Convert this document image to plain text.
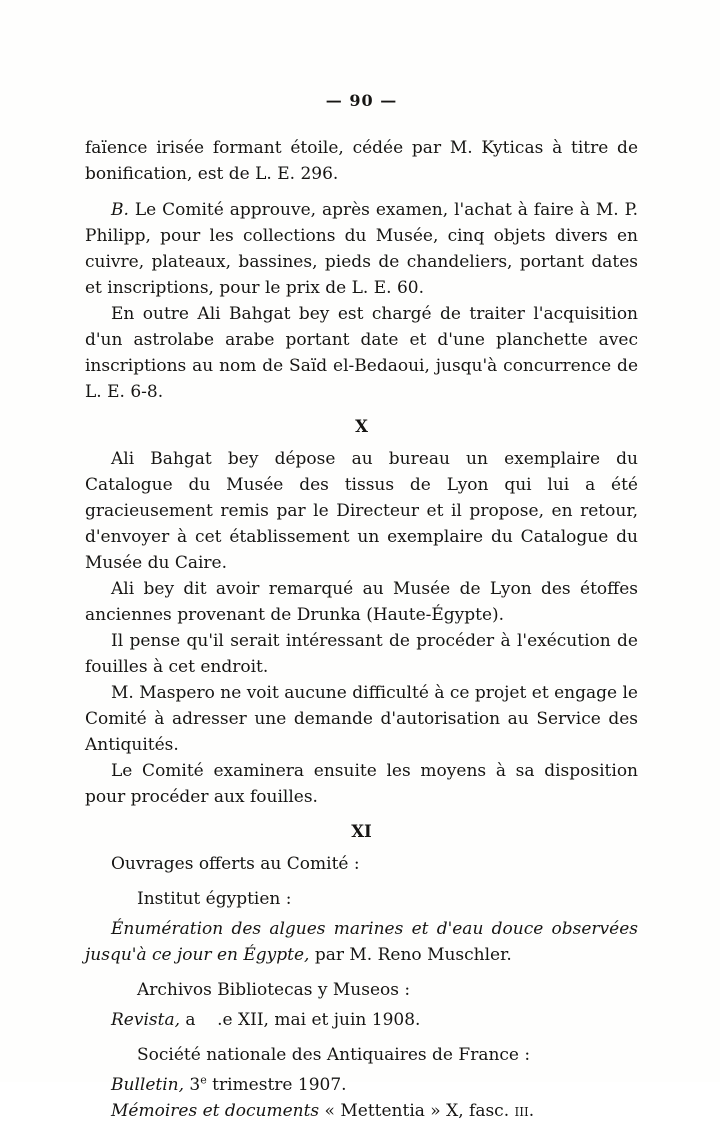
— 90 —

faïence irisée formant étoile, cédée par M. Kyticas à titre de bonification, est de L. E. 296.

B. Le Comité approuve, après examen, l'achat à faire à M. P. Philipp, pour les collections du Musée, cinq objets divers en cuivre, plateaux, bassines, pieds de chandeliers, portant dates et inscriptions, pour le prix de L. E. 60.

En outre Ali Bahgat bey est chargé de traiter l'acquisition d'un astrolabe arabe portant date et d'une planchette avec inscriptions au nom de Saïd el-Bedaoui, jusqu'à concurrence de L. E. 6-8.

X

Ali Bahgat bey dépose au bureau un exemplaire du Catalogue du Musée des tissus de Lyon qui lui a été gracieusement remis par le Directeur et il propose, en retour, d'envoyer à cet établissement un exemplaire du Catalogue du Musée du Caire.

Ali bey dit avoir remarqué au Musée de Lyon des étoffes anciennes provenant de Drunka (Haute-Égypte).

Il pense qu'il serait intéressant de procéder à l'exécution de fouilles à cet endroit.

M. Maspero ne voit aucune difficulté à ce projet et engage le Comité à adresser une demande d'autorisation au Service des Antiquités.

Le Comité examinera ensuite les moyens à sa disposition pour procéder aux fouilles.

XI

Ouvrages offerts au Comité :

Institut égyptien :

Énumération des algues marines et d'eau douce observées jusqu'à ce jour en Égypte, par M. Reno Muschler.

Archivos Bibliotecas y Museos :

Revista, a    .e XII, mai et juin 1908.

Société nationale des Antiquaires de France :

Bulletin, 3e trimestre 1907.

Mémoires et documents « Mettentia » X, fasc. iii.
